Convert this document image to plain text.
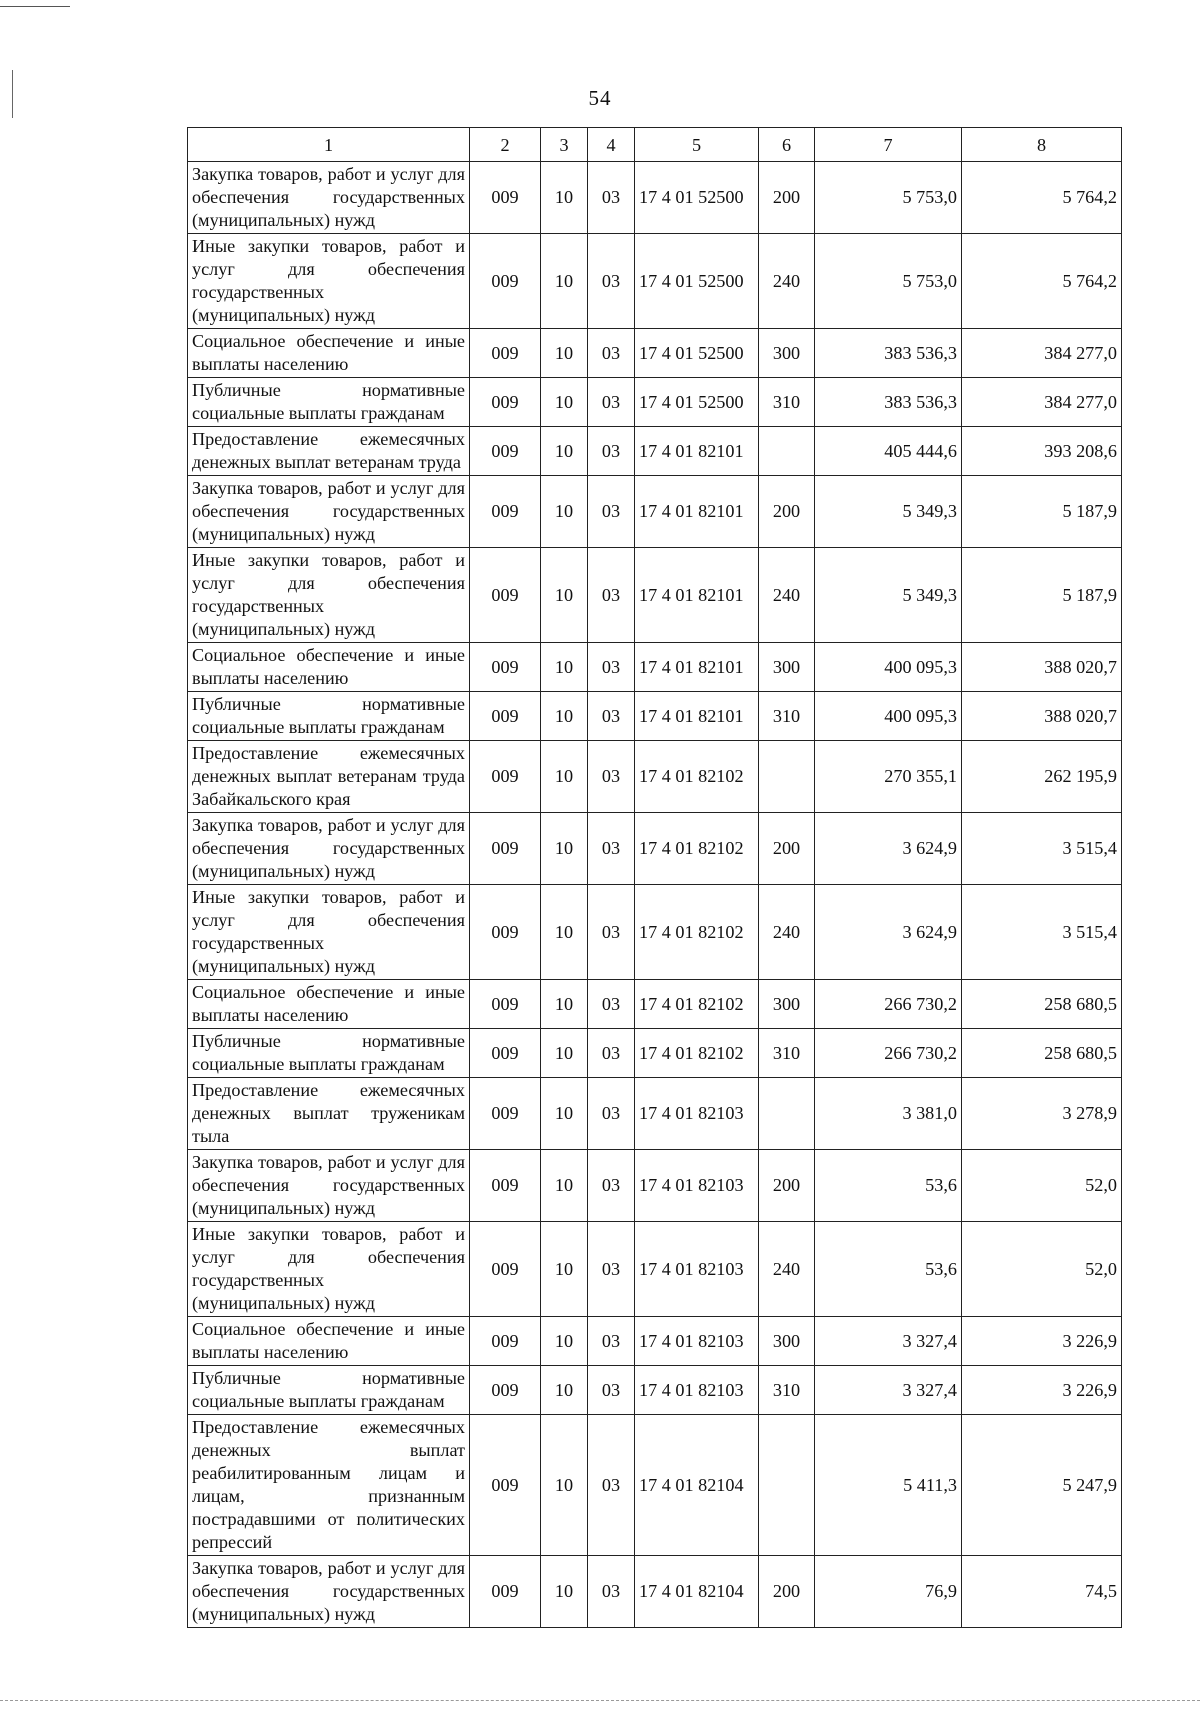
54
1	2	3	4	5	6	7	8
Закупка товаров, работ и услуг для обеспечения государственных (муниципальных) нужд	009	10	03	17 4 01 52500	200	5 753,0	5 764,2
Иные закупки товаров, работ и услуг для обеспечения государственных (муниципальных) нужд	009	10	03	17 4 01 52500	240	5 753,0	5 764,2
Социальное обеспечение и иные выплаты населению	009	10	03	17 4 01 52500	300	383 536,3	384 277,0
Публичные нормативные социальные выплаты гражданам	009	10	03	17 4 01 52500	310	383 536,3	384 277,0
Предоставление ежемесячных денежных выплат ветеранам труда	009	10	03	17 4 01 82101		405 444,6	393 208,6
Закупка товаров, работ и услуг для обеспечения государственных (муниципальных) нужд	009	10	03	17 4 01 82101	200	5 349,3	5 187,9
Иные закупки товаров, работ и услуг для обеспечения государственных (муниципальных) нужд	009	10	03	17 4 01 82101	240	5 349,3	5 187,9
Социальное обеспечение и иные выплаты населению	009	10	03	17 4 01 82101	300	400 095,3	388 020,7
Публичные нормативные социальные выплаты гражданам	009	10	03	17 4 01 82101	310	400 095,3	388 020,7
Предоставление ежемесячных денежных выплат ветеранам труда Забайкальского края	009	10	03	17 4 01 82102		270 355,1	262 195,9
Закупка товаров, работ и услуг для обеспечения государственных (муниципальных) нужд	009	10	03	17 4 01 82102	200	3 624,9	3 515,4
Иные закупки товаров, работ и услуг для обеспечения государственных (муниципальных) нужд	009	10	03	17 4 01 82102	240	3 624,9	3 515,4
Социальное обеспечение и иные выплаты населению	009	10	03	17 4 01 82102	300	266 730,2	258 680,5
Публичные нормативные социальные выплаты гражданам	009	10	03	17 4 01 82102	310	266 730,2	258 680,5
Предоставление ежемесячных денежных выплат труженикам тыла	009	10	03	17 4 01 82103		3 381,0	3 278,9
Закупка товаров, работ и услуг для обеспечения государственных (муниципальных) нужд	009	10	03	17 4 01 82103	200	53,6	52,0
Иные закупки товаров, работ и услуг для обеспечения государственных (муниципальных) нужд	009	10	03	17 4 01 82103	240	53,6	52,0
Социальное обеспечение и иные выплаты населению	009	10	03	17 4 01 82103	300	3 327,4	3 226,9
Публичные нормативные социальные выплаты гражданам	009	10	03	17 4 01 82103	310	3 327,4	3 226,9
Предоставление ежемесячных денежных выплат реабилитированным лицам и лицам, признанным пострадавшими от политических репрессий	009	10	03	17 4 01 82104		5 411,3	5 247,9
Закупка товаров, работ и услуг для обеспечения государственных (муниципальных) нужд	009	10	03	17 4 01 82104	200	76,9	74,5
